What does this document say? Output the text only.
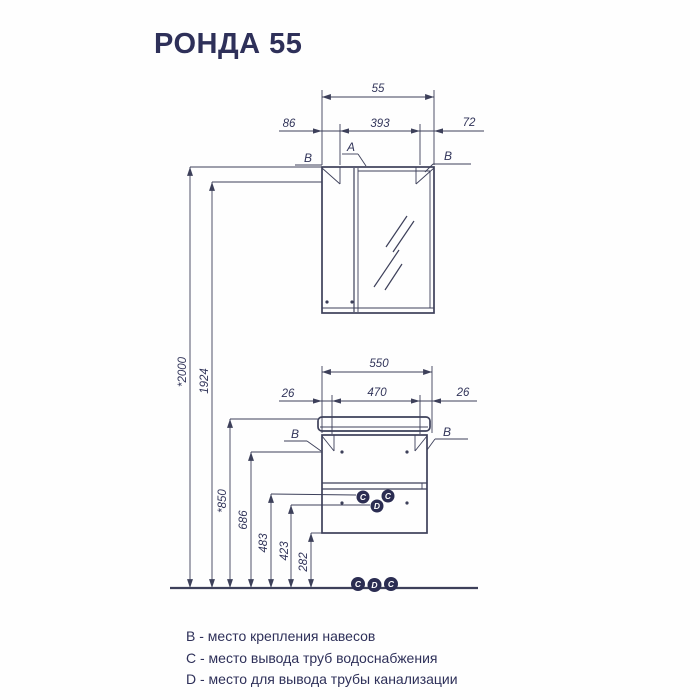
РОНДА 55
55
86	393	72
A
B	B
*2000 1924
550
26	470	26
B	B
C C
D
*850
686
483 423
282
C D C
B - место крепления навесов
C - место вывода труб водоснабжения
D - место для вывода трубы канализации
